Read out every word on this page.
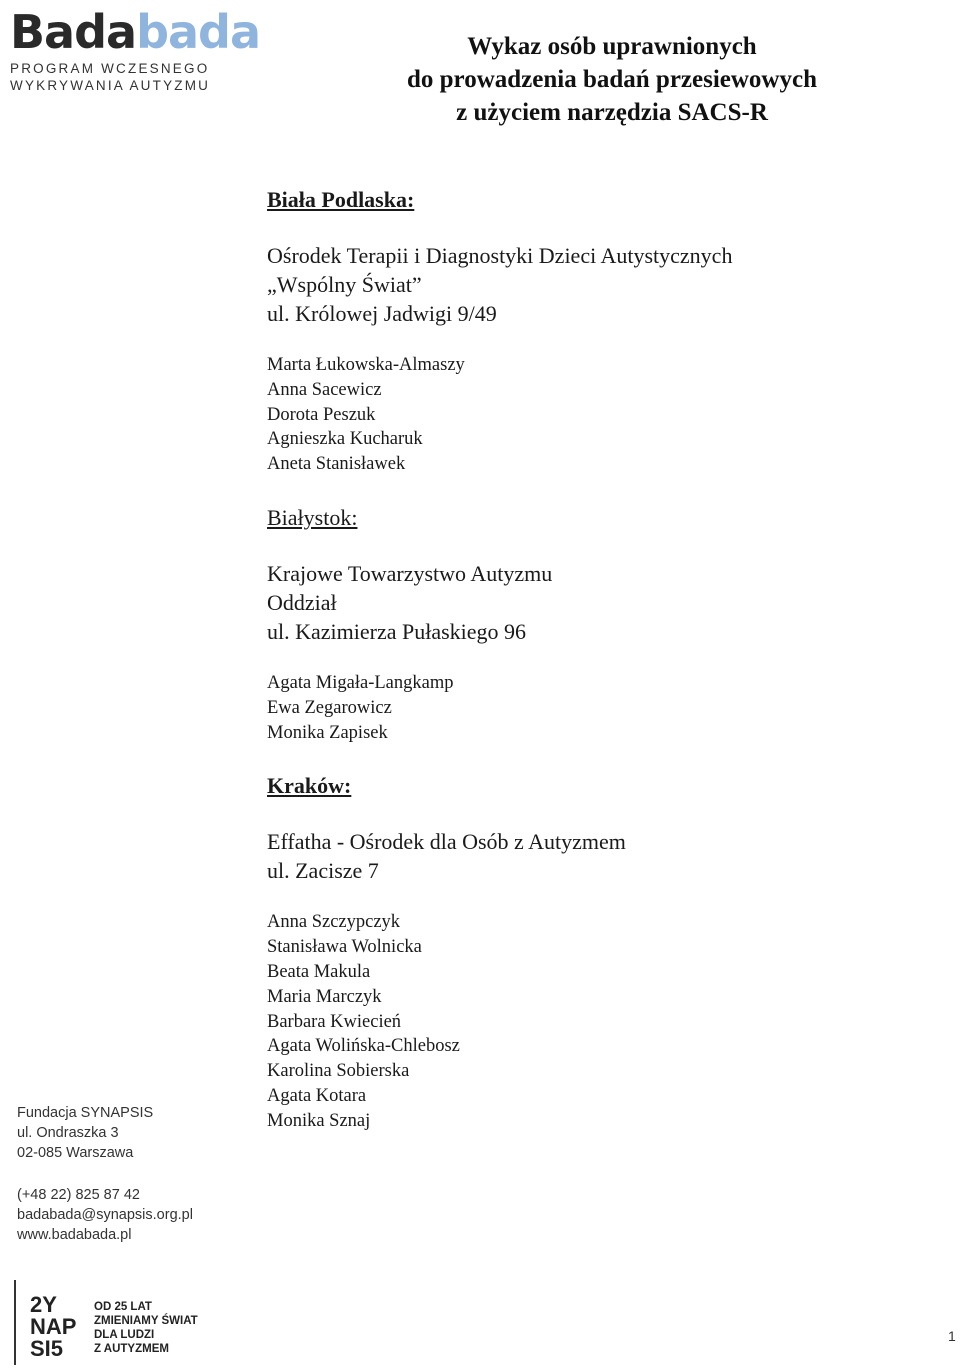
Badabada
PROGRAM WCZESNEGO
WYKRYWANIA AUTYZMU
Wykaz osób uprawnionych
do prowadzenia badań przesiewowych
z użyciem narzędzia SACS-R
Biała Podlaska:
Ośrodek Terapii i Diagnostyki Dzieci Autystycznych
„Wspólny Świat”
ul. Królowej Jadwigi 9/49
Marta Łukowska-Almaszy
Anna Sacewicz
Dorota Peszuk
Agnieszka Kucharuk
Aneta Stanisławek
Białystok:
Krajowe Towarzystwo Autyzmu
Oddział
ul. Kazimierza Pułaskiego 96
Agata Migała-Langkamp
Ewa Zegarowicz
Monika Zapisek
Kraków:
Effatha - Ośrodek dla Osób z Autyzmem
ul. Zacisze 7
Anna Szczypczyk
Stanisława Wolnicka
Beata Makula
Maria Marczyk
Barbara Kwiecień
Agata Wolińska-Chlebosz
Karolina Sobierska
Agata Kotara
Monika Sznaj
Fundacja SYNAPSIS
ul. Ondraszka 3
02-085 Warszawa
(+48 22) 825 87 42
badabada@synapsis.org.pl
www.badabada.pl
2Y
NAP
SI5
OD 25 LAT
ZMIENIAMY ŚWIAT
DLA LUDZI
Z AUTYZMEM
1
